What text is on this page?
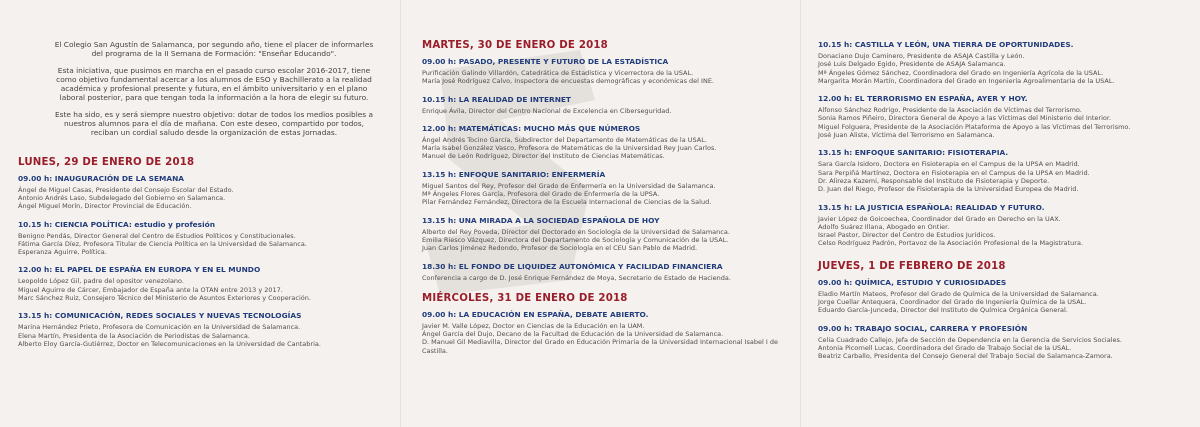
El Colegio San Agustín de Salamanca, por segundo año, tiene el placer de informarles del programa de la II Semana de Formación: "Enseñar Educando".

Esta iniciativa, que pusimos en marcha en el pasado curso escolar 2016-2017, tiene como objetivo fundamental acercar a los alumnos de ESO y Bachillerato a la realidad académica y profesional presente y futura, en el ámbito universitario y en el plano laboral posterior, para que tengan toda la información a la hora de elegir su futuro.

Este ha sido, es y será siempre nuestro objetivo: dotar de todos los medios posibles a nuestros alumnos para el día de mañana. Con este deseo, compartido por todos, reciban un cordial saludo desde la organización de estas Jornadas.

LUNES, 29 DE ENERO DE 2018
09.00 h: INAUGURACIÓN DE LA SEMANA

Ángel de Miguel Casas, Presidente del Consejo Escolar del Estado.

Antonio Andrés Laso, Subdelegado del Gobierno en Salamanca.

Ángel Miguel Morín, Director Provincial de Educación.

10.15 h: CIENCIA POLÍTICA: estudio y profesión

Benigno Pendás, Director General del Centro de Estudios Políticos y Constitucionales.

Fátima García Díez, Profesora Titular de Ciencia Política en la Universidad de Salamanca.

Esperanza Aguirre, Política.

12.00 h: EL PAPEL DE ESPAÑA EN EUROPA Y EN EL MUNDO

Leopoldo López Gil, padre del opositor venezolano.

Miguel Aguirre de Cárcer, Embajador de España ante la OTAN entre 2013 y 2017.

Marc Sánchez Ruiz, Consejero Técnico del Ministerio de Asuntos Exteriores y Cooperación.

13.15 h: COMUNICACIÓN, REDES SOCIALES Y NUEVAS TECNOLOGÍAS

Marina Hernández Prieto, Profesora de Comunicación en la Universidad de Salamanca.

Elena Martín, Presidenta de la Asociación de Periodistas de Salamanca.

Alberto Eloy García-Gutiérrez, Doctor en Telecomunicaciones en la Universidad de Cantabria.

MARTES, 30 DE ENERO DE 2018
09.00 h: PASADO, PRESENTE Y FUTURO DE LA ESTADÍSTICA

Purificación Galindo Villardón, Catedrática de Estadística y Vicerrectora de la USAL.

María José Rodríguez Calvo, Inspectora de encuestas demográficas y económicas del INE.

10.15 h: LA REALIDAD DE INTERNET

Enrique Ávila, Director del Centro Nacional de Excelencia en Ciberseguridad.

12.00 h: MATEMÁTICAS: MUCHO MÁS QUE NÚMEROS

Ángel Andrés Tocino García, Subdirector del Departamento de Matemáticas de la USAL.

María Isabel González Vasco, Profesora de Matemáticas de la Universidad Rey Juan Carlos.

Manuel de León Rodríguez, Director del Instituto de Ciencias Matemáticas.

13.15 h: ENFOQUE SANITARIO: ENFERMERÍA

Miguel Santos del Rey, Profesor del Grado de Enfermería en la Universidad de Salamanca.

Mª Ángeles Flores García, Profesora del Grado de Enfermería de la UPSA.

Pilar Fernández Fernández, Directora de la Escuela Internacional de Ciencias de la Salud.

13.15 h: UNA MIRADA A LA SOCIEDAD ESPAÑOLA DE HOY

Alberto del Rey Poveda, Director del Doctorado en Sociología de la Universidad de Salamanca.

Emilia Riesco Vázquez, Directora del Departamento de Sociología y Comunicación de la USAL.

Juan Carlos Jiménez Redondo, Profesor de Sociología en el CEU San Pablo de Madrid.

18.30 h: EL FONDO DE LIQUIDEZ AUTONÓMICA Y FACILIDAD FINANCIERA

Conferencia a cargo de D. José Enrique Fernández de Moya, Secretario de Estado de Hacienda.

MIÉRCOLES, 31 DE ENERO DE 2018
09.00 h: LA EDUCACIÓN EN ESPAÑA, DEBATE ABIERTO.

Javier M. Valle López, Doctor en Ciencias de la Educación en la UAM.

Ángel García del Dujo, Decano de la Facultad de Educación de la Universidad de Salamanca.

D. Manuel Gil Mediavilla, Director del Grado en Educación Primaria de la Universidad Internacional Isabel I de Castilla.

10.15 h: CASTILLA Y LEÓN, UNA TIERRA DE OPORTUNIDADES.

Donaciano Dujo Caminero, Presidente de ASAJA Castilla y León.

José Luis Delgado Egido, Presidente de ASAJA Salamanca.

Mª Ángeles Gómez Sánchez, Coordinadora del Grado en Ingeniería Agrícola de la USAL.

Margarita Morán Martín, Coordinadora del Grado en Ingeniería Agroalimentaria de la USAL.

12.00 h: EL TERRORISMO EN ESPAÑA, AYER Y HOY.

Alfonso Sánchez Rodrigo, Presidente de la Asociación de Víctimas del Terrorismo.

Sonia Ramos Piñeiro, Directora General de Apoyo a las Víctimas del Ministerio del Interior.

Miguel Folguera, Presidente de la Asociación Plataforma de Apoyo a las Víctimas del Terrorismo.

José Juan Aliste, Víctima del Terrorismo en Salamanca.

13.15 h: ENFOQUE SANITARIO: FISIOTERAPIA.

Sara García Isidoro, Doctora en Fisioterapia en el Campus de la UPSA en Madrid.

Sara Perpiñá Martínez, Doctora en Fisioterapia en el Campus de la UPSA en Madrid.

Dr. Alireza Kazemi, Responsable del Instituto de Fisioterapia y Deporte.

D. Juan del Riego, Profesor de Fisioterapia de la Universidad Europea de Madrid.

13.15 h: LA JUSTICIA ESPAÑOLA: REALIDAD Y FUTURO.

Javier López de Goicoechea, Coordinador del Grado en Derecho en la UAX.

Adolfo Suárez Illana, Abogado en Ontier.

Israel Pastor, Director del Centro de Estudios Jurídicos.

Celso Rodríguez Padrón, Portavoz de la Asociación Profesional de la Magistratura.

JUEVES, 1 DE FEBRERO DE 2018
09.00 h: QUÍMICA, ESTUDIO Y CURIOSIDADES

Eladio Martín Mateos, Profesor del Grado de Química de la Universidad de Salamanca.

Jorge Cuellar Antequera, Coordinador del Grado de Ingeniería Química de la USAL.

Eduardo García-Junceda, Director del Instituto de Química Orgánica General.

09.00 h: TRABAJO SOCIAL, CARRERA Y PROFESIÓN

Celia Cuadrado Callejo, Jefa de Sección de Dependencia en la Gerencia de Servicios Sociales.

Antonia Picornell Lucas, Coordinadora del Grado de Trabajo Social de la USAL.

Beatriz Carballo, Presidenta del Consejo General del Trabajo Social de Salamanca-Zamora.
